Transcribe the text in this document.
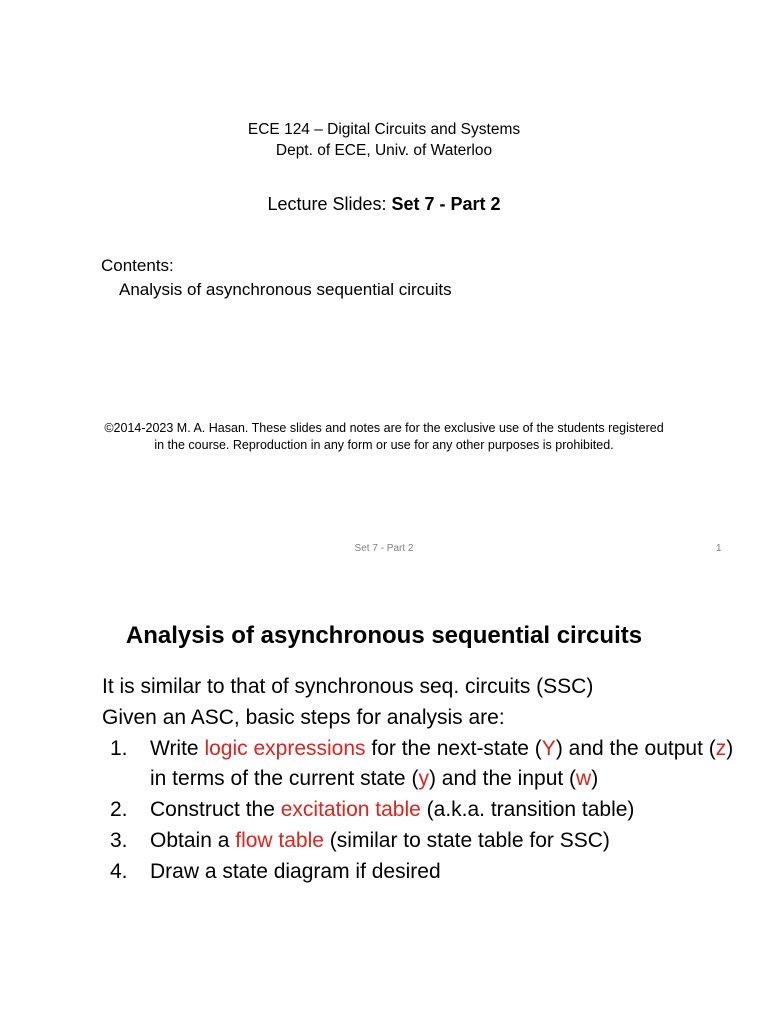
ECE 124 – Digital Circuits and Systems
Dept. of ECE, Univ. of Waterloo
Lecture Slides: Set 7 - Part 2
Contents:
Analysis of asynchronous sequential circuits
©2014-2023 M. A. Hasan. These slides and notes are for the exclusive use of the students registered
in the course. Reproduction in any form or use for any other purposes is prohibited.
Set 7 - Part 2	1
Analysis of asynchronous sequential circuits
It is similar to that of synchronous seq. circuits (SSC)
Given an ASC, basic steps for analysis are:
1.	Write logic expressions for the next-state (Y) and the output (z) in terms of the current state (y) and the input (w)
2.	Construct the excitation table (a.k.a. transition table)
3.	Obtain a flow table (similar to state table for SSC)
4.	Draw a state diagram if desired
